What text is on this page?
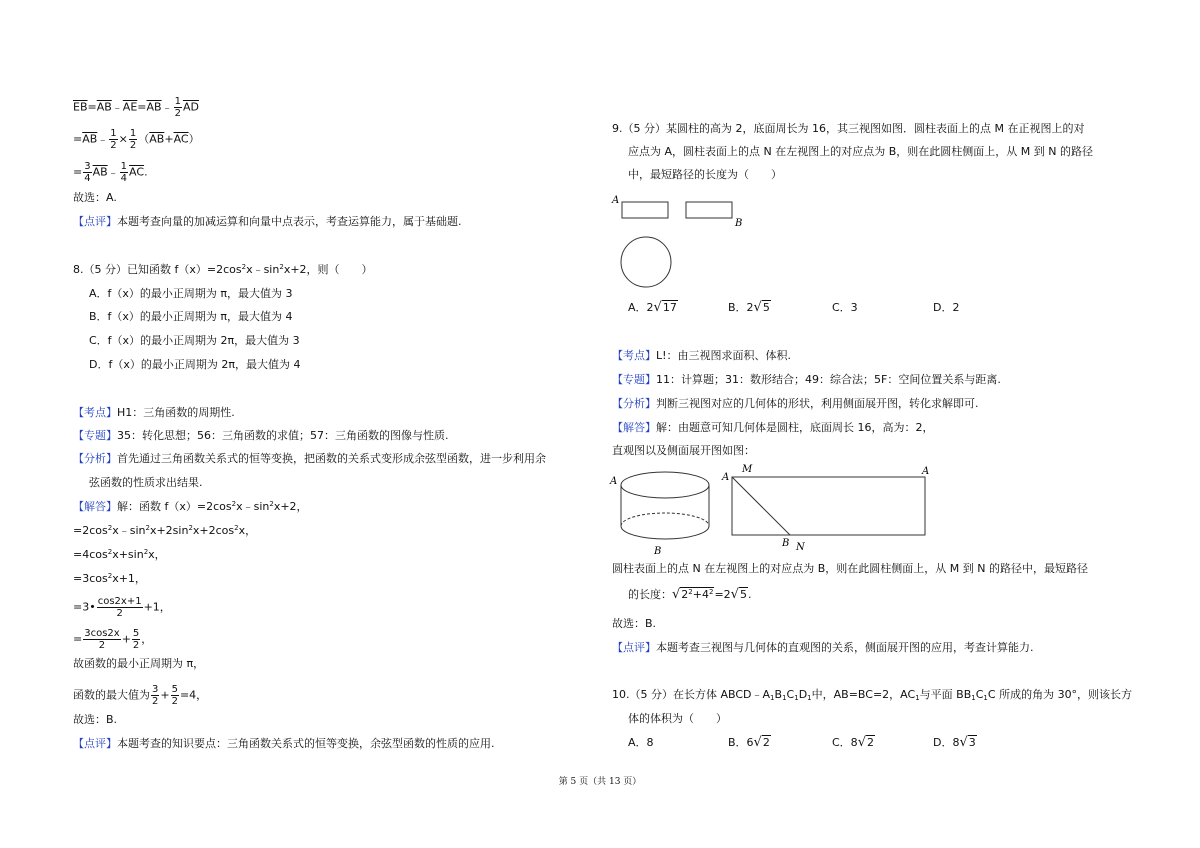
$\overline{EB}=\overline{AB}﹣\overline{AE}=\overline{AB}﹣ \frac{1}{2} \overline{AD}$
$=\overline{AB}﹣ \frac{1}{2} \times \frac{1}{2} (\overline{AB}+\overline{AC})$
= $\frac{3}{4}$ $\overline{AB}﹣ \frac{1}{4} \overline{AC}$.
故选：A.
【点评】本题考查向量的加减运算和向量中点表示，考查运算能力，属于基础题.
8.（5 分）已知函数 $f(x)=2\cos^2x﹣\sin^2x+2$，则（　　）
A．f（x）的最小正周期为 π，最大值为 3
B．f（x）的最小正周期为 π，最大值为 4
C．f（x）的最小正周期为 2π，最大值为 3
D．f（x）的最小正周期为 2π，最大值为 4
【考点】H1：三角函数的周期性.
【专题】35：转化思想；56：三角函数的求值；57：三角函数的图像与性质.
【分析】首先通过三角函数关系式的恒等变换，把函数的关系式变形成余弦型函数，进一步利用余
弦函数的性质求出结果.
【解答】解：函数 $f(x)=2\cos^2x﹣\sin^2x+2$，
$=2\cos^2x﹣\sin^2x+2\sin^2x+2\cos^2x$，
$=4\cos^2x+\sin^2x$，
$=3\cos^2x+1$，
=3• $\frac{\cos 2x+1}{2} +1$，
= $\frac{3\cos 2x}{2} + \frac{5}{2}$ ，
故函数的最小正周期为 π，
函数的最大值为 $\frac{3}{2} + \frac{5}{2} =4$，
故选：B.
【点评】本题考查的知识要点：三角函数关系式的恒等变换，余弦型函数的性质的应用.
9.（5 分）某圆柱的高为 2，底面周长为 16，其三视图如图．圆柱表面上的点 M 在正视图上的对
应点为 A，圆柱表面上的点 N 在左视图上的对应点为 B，则在此圆柱侧面上，从 M 到 N 的路径
中，最短路径的长度为（　　）
A
B
A．2√17	B．2√5	C．3	D．2
【考点】L!：由三视图求面积、体积.
【专题】11：计算题；31：数形结合；49：综合法；5F：空间位置关系与距离.
【分析】判断三视图对应的几何体的形状，利用侧面展开图，转化求解即可.
【解答】解：由题意可知几何体是圆柱，底面周长 16，高为：2，
直观图以及侧面展开图如图：
A
B
M
A
A
B N
圆柱表面上的点 N 在左视图上的对应点为 B，则在此圆柱侧面上，从 M 到 N 的路径中，最短路径
的长度：$√2^2+4^2=2√5$.
故选：B.
【点评】本题考查三视图与几何体的直观图的关系，侧面展开图的应用，考查计算能力.
10.（5 分）在长方体 $ABCD﹣A_1B_1C_1D_1$中，AB=BC=2，$AC_1$与平面 $BB_1C_1C$ 所成的角为 30°，则该长方
体的体积为（　　）
A．8	B．6√2	C．8√2	D．8√3
第 5 页（共 13 页）
